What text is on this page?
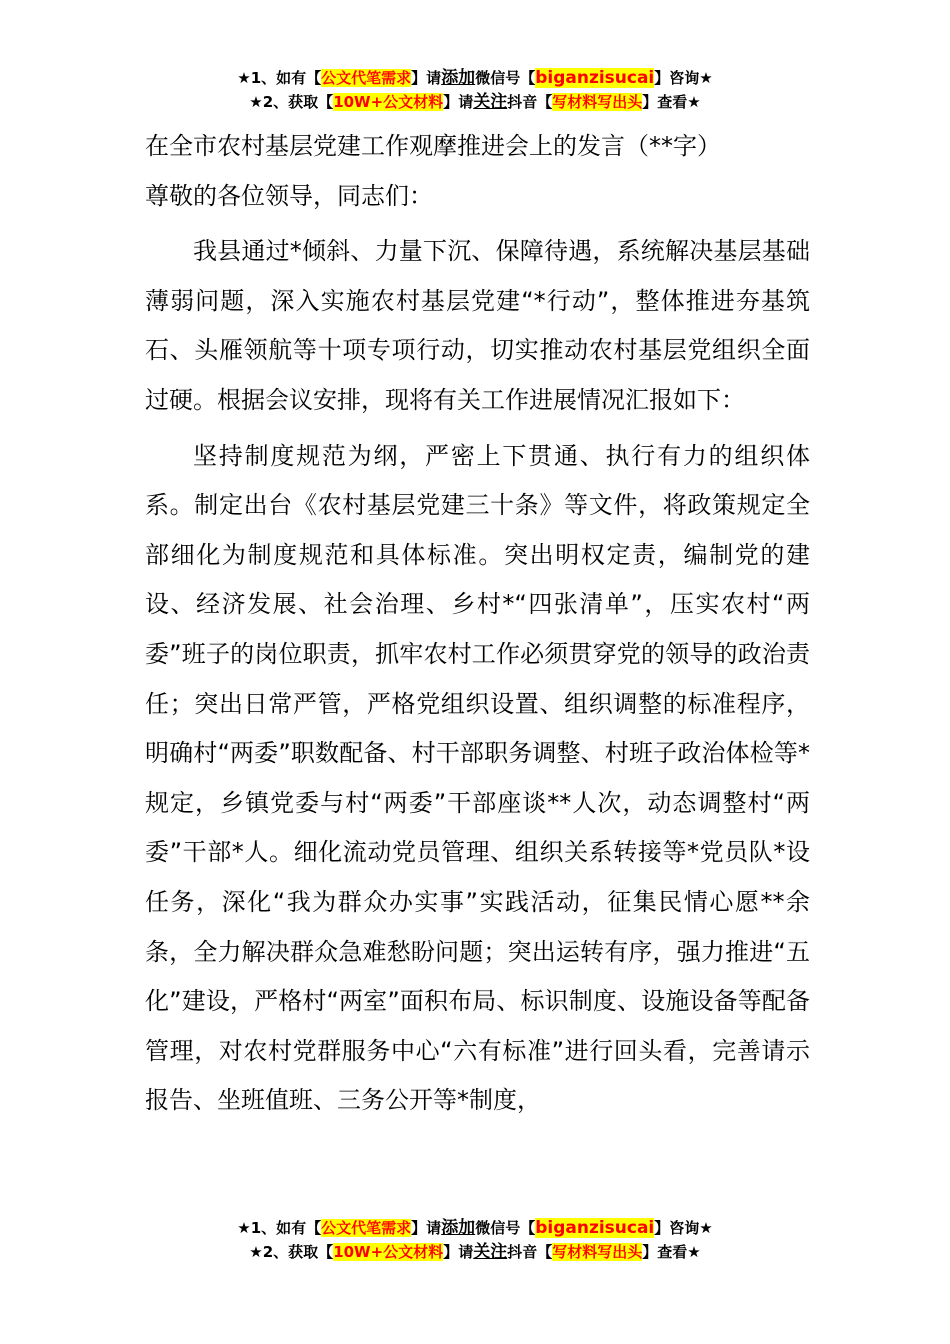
★1、如有【公文代笔需求】请添加微信号【biganzisucai】咨询★
★2、获取【10W+公文材料】请关注抖音【写材料写出头】查看★

在全市农村基层党建工作观摩推进会上的发言（**字）

尊敬的各位领导，同志们：

我县通过*倾斜、力量下沉、保障待遇，系统解决基层基础薄弱问题，深入实施农村基层党建“*行动”，整体推进夯基筑石、头雁领航等十项专项行动，切实推动农村基层党组织全面过硬。根据会议安排，现将有关工作进展情况汇报如下：

坚持制度规范为纲，严密上下贯通、执行有力的组织体系。制定出台《农村基层党建三十条》等文件，将政策规定全部细化为制度规范和具体标准。突出明权定责，编制党的建设、经济发展、社会治理、乡村*“四张清单”，压实农村“两委”班子的岗位职责，抓牢农村工作必须贯穿党的领导的政治责任；突出日常严管，严格党组织设置、组织调整的标准程序，明确村“两委”职数配备、村干部职务调整、村班子政治体检等*规定，乡镇党委与村“两委”干部座谈**人次，动态调整村“两委”干部*人。细化流动党员管理、组织关系转接等*党员队*设任务，深化“我为群众办实事”实践活动，征集民情心愿**余条，全力解决群众急难愁盼问题；突出运转有序，强力推进“五化”建设，严格村“两室”面积布局、标识制度、设施设备等配备管理，对农村党群服务中心“六有标准”进行回头看，完善请示报告、坐班值班、三务公开等*制度，

★1、如有【公文代笔需求】请添加微信号【biganzisucai】咨询★
★2、获取【10W+公文材料】请关注抖音【写材料写出头】查看★
